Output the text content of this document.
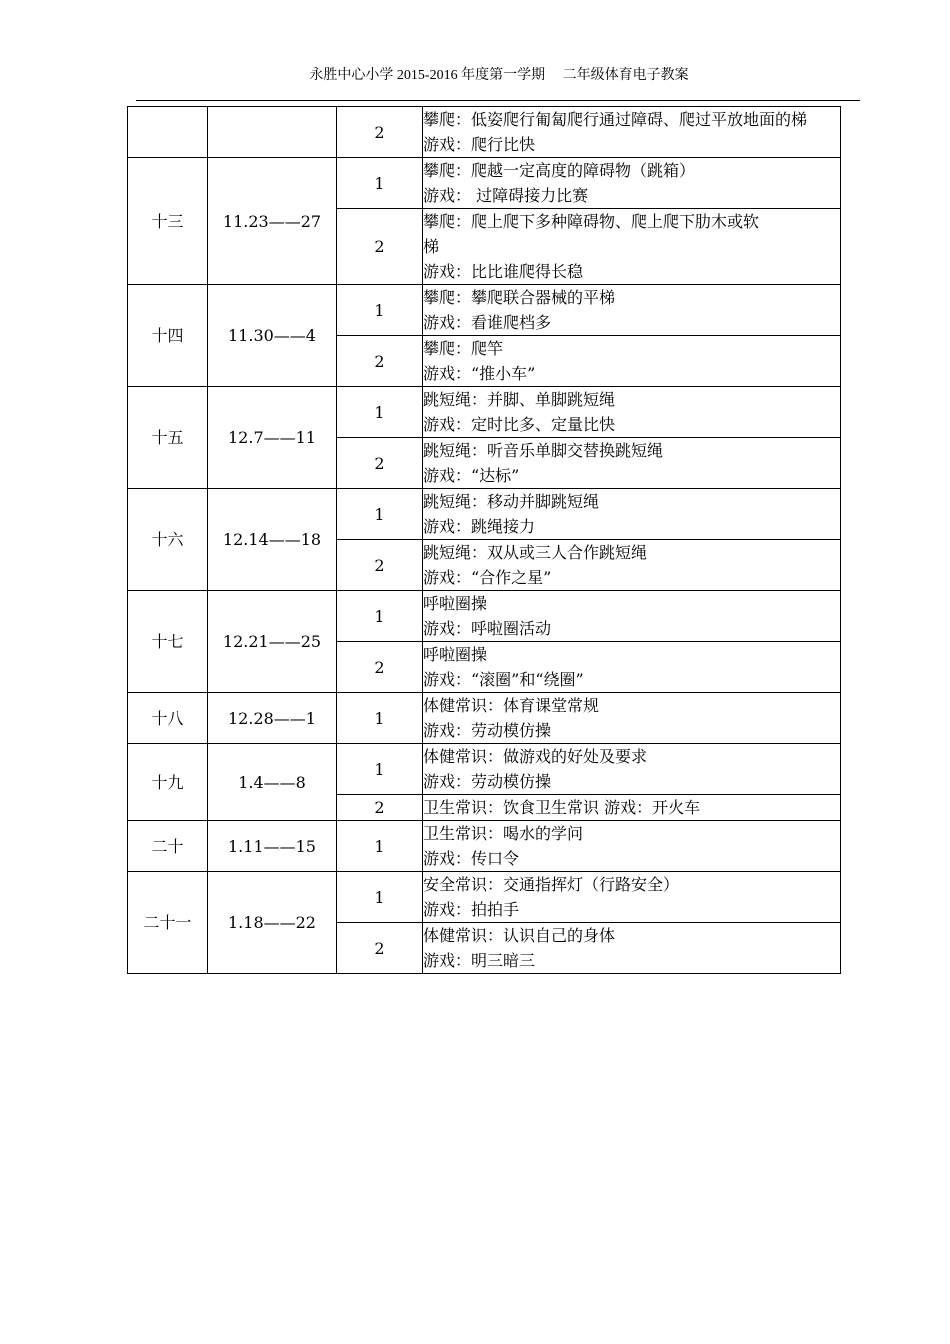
永胜中心小学 2015-2016 年度第一学期 二年级体育电子教案
		2	攀爬：低姿爬行匍匐爬行通过障碍、爬过平放地面的梯
游戏：爬行比快

十三	11.23——27	1	攀爬：爬越一定高度的障碍物（跳箱）
游戏： 过障碍接力比赛

		2	攀爬：爬上爬下多种障碍物、爬上爬下肋木或软
梯
游戏：比比谁爬得长稳

十四	11.30——4	1	攀爬：攀爬联合器械的平梯
游戏：看谁爬档多

		2	攀爬：爬竿
游戏：“推小车”

十五	12.7——11	1	跳短绳：并脚、单脚跳短绳
游戏：定时比多、定量比快

		2	跳短绳：听音乐单脚交替换跳短绳
游戏：“达标”

十六	12.14——18	1	跳短绳：移动并脚跳短绳
游戏：跳绳接力

		2	跳短绳：双从或三人合作跳短绳
游戏：“合作之星”

十七	12.21——25	1	呼啦圈操
游戏：呼啦圈活动

		2	呼啦圈操
游戏：“滚圈”和“绕圈”

十八	12.28——1	1	体健常识：体育课堂常规
游戏：劳动模仿操

十九	1.4——8	1	体健常识：做游戏的好处及要求
游戏：劳动模仿操

		2	卫生常识：饮食卫生常识 游戏：开火车

二十	1.11——15	1	卫生常识：喝水的学问
游戏：传口令

二十一	1.18——22	1	安全常识：交通指挥灯（行路安全）
游戏：拍拍手

		2	体健常识：认识自己的身体
游戏：明三暗三
